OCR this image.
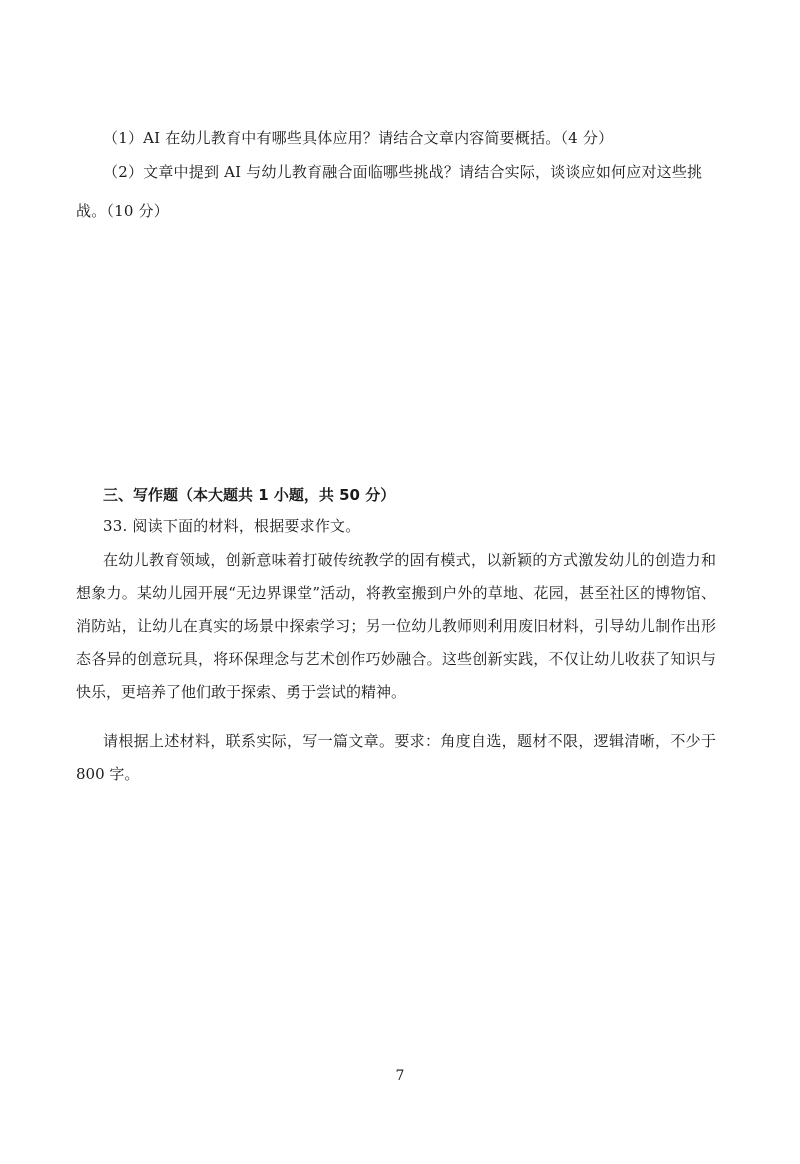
（1）AI 在幼儿教育中有哪些具体应用？请结合文章内容简要概括。（4 分）
（2）文章中提到 AI 与幼儿教育融合面临哪些挑战？请结合实际，谈谈应如何应对这些挑
战。（10 分）
三、写作题（本大题共 1 小题，共 50 分）
33. 阅读下面的材料，根据要求作文。
在幼儿教育领域，创新意味着打破传统教学的固有模式，以新颖的方式激发幼儿的创造力和想象力。某幼儿园开展“无边界课堂”活动，将教室搬到户外的草地、花园，甚至社区的博物馆、消防站，让幼儿在真实的场景中探索学习；另一位幼儿教师则利用废旧材料，引导幼儿制作出形态各异的创意玩具，将环保理念与艺术创作巧妙融合。这些创新实践，不仅让幼儿收获了知识与快乐，更培养了他们敢于探索、勇于尝试的精神。
请根据上述材料，联系实际，写一篇文章。要求：角度自选，题材不限，逻辑清晰，不少于 800 字。
7
